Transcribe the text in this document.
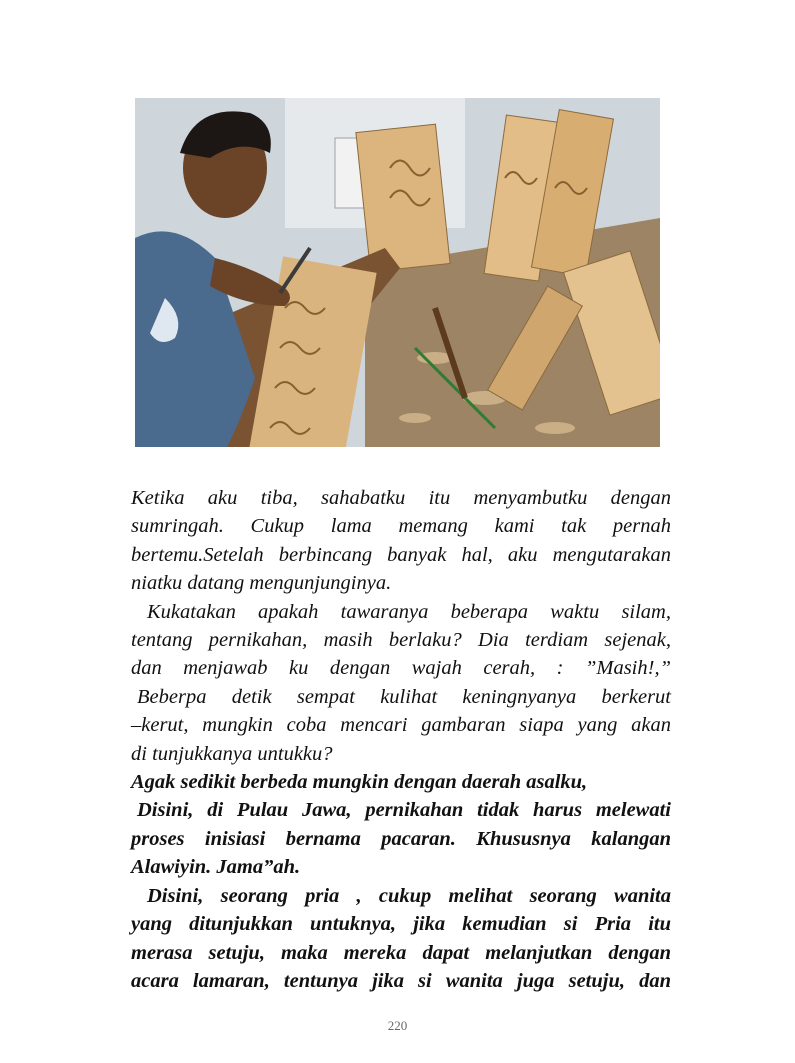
Ketika aku tiba, sahabatku itu menyambutku dengan

sumringah. Cukup lama memang kami tak pernah

bertemu.Setelah berbincang banyak hal, aku mengutarakan

niatku datang mengunjunginya.

Kukatakan apakah tawaranya beberapa waktu silam,

tentang pernikahan, masih berlaku? Dia terdiam sejenak,

dan menjawab ku dengan wajah cerah, : ”Masih!,”

Beberpa detik sempat kulihat keningnyanya berkerut

–kerut, mungkin coba mencari gambaran siapa yang akan

di tunjukkanya untukku?

Agak sedikit berbeda mungkin dengan daerah asalku,

Disini, di Pulau Jawa, pernikahan tidak harus melewati

proses inisiasi bernama pacaran. Khususnya kalangan

Alawiyin. Jama”ah.

Disini, seorang pria , cukup melihat seorang wanita

yang ditunjukkan untuknya, jika kemudian si Pria itu

merasa setuju, maka mereka dapat melanjutkan dengan

acara lamaran, tentunya jika si wanita juga setuju, dan

220
